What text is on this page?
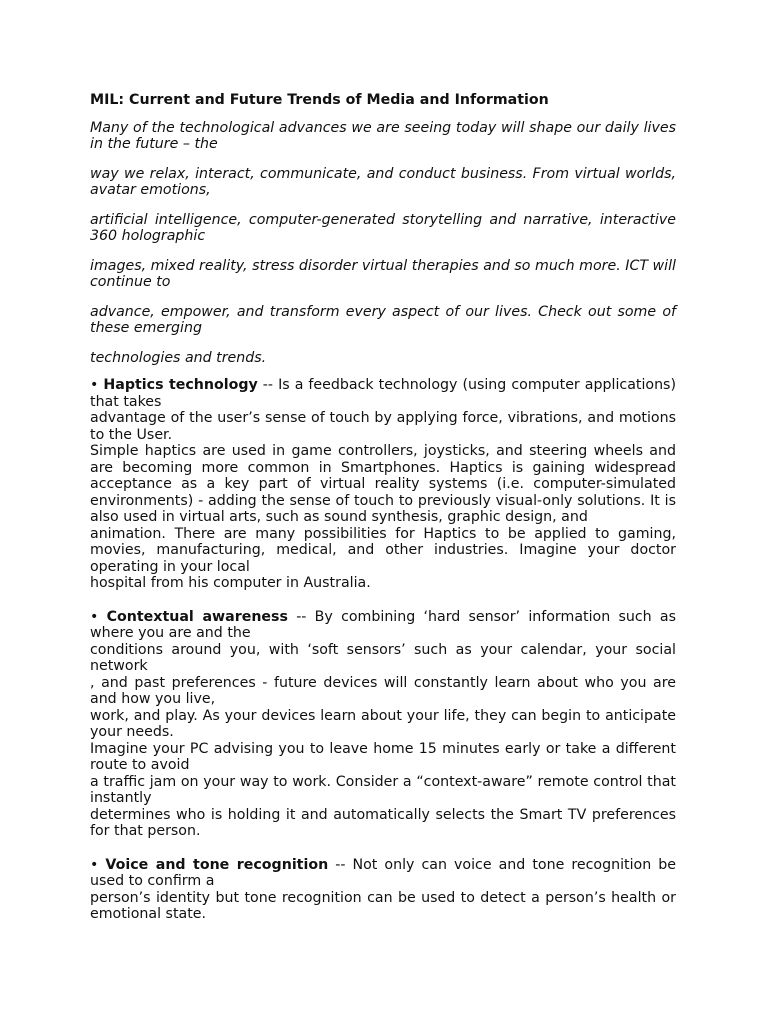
MIL: Current and Future Trends of Media and Information

Many of the technological advances we are seeing today will shape our daily lives in the future – the

way we relax, interact, communicate, and conduct business. From virtual worlds, avatar emotions,

artificial intelligence, computer-generated storytelling and narrative, interactive 360 holographic

images, mixed reality, stress disorder virtual therapies and so much more. ICT will continue to

advance, empower, and transform every aspect of our lives. Check out some of these emerging

technologies and trends.

• Haptics technology -- Is a feedback technology (using computer applications) that takes
advantage of the user’s sense of touch by applying force, vibrations, and motions to the User.
Simple haptics are used in game controllers, joysticks, and steering wheels and are becoming more common in Smartphones. Haptics is gaining widespread acceptance as a key part of virtual reality systems (i.e. computer-simulated environments) - adding the sense of touch to previously visual-only solutions. It is also used in virtual arts, such as sound synthesis, graphic design, and
animation. There are many possibilities for Haptics to be applied to gaming, movies, manufacturing, medical, and other industries. Imagine your doctor operating in your local
hospital from his computer in Australia.
• Contextual awareness -- By combining ‘hard sensor’ information such as where you are and the
conditions around you, with ‘soft sensors’ such as your calendar, your social network
, and past preferences - future devices will constantly learn about who you are and how you live,
work, and play. As your devices learn about your life, they can begin to anticipate your needs.
Imagine your PC advising you to leave home 15 minutes early or take a different route to avoid
a traffic jam on your way to work. Consider a “context-aware” remote control that instantly
determines who is holding it and automatically selects the Smart TV preferences for that person.
• Voice and tone recognition -- Not only can voice and tone recognition be used to confirm a
person’s identity but tone recognition can be used to detect a person’s health or emotional state.
